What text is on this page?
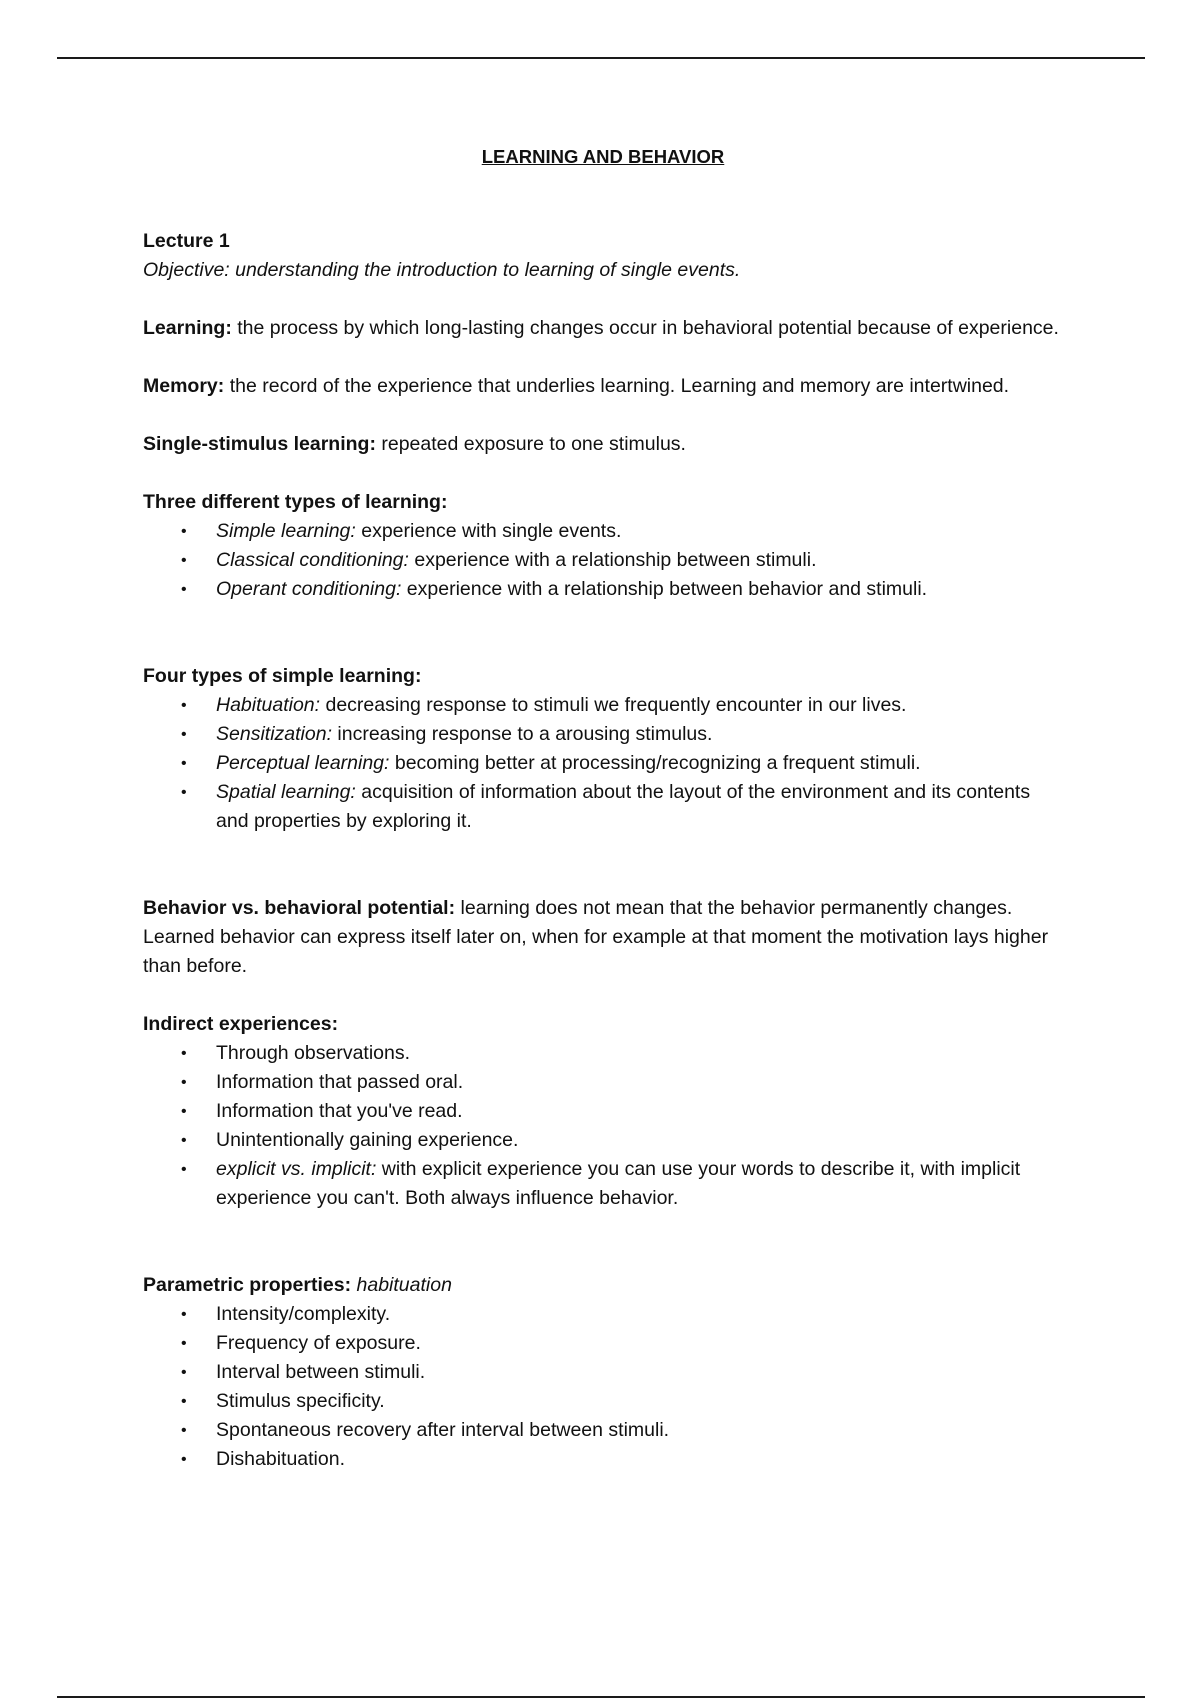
LEARNING AND BEHAVIOR

Lecture 1

Objective: understanding the introduction to learning of single events.

Learning: the process by which long-lasting changes occur in behavioral potential because of experience.

Memory: the record of the experience that underlies learning. Learning and memory are intertwined.

Single-stimulus learning: repeated exposure to one stimulus.

Three different types of learning:

• Simple learning: experience with single events.
• Classical conditioning: experience with a relationship between stimuli.
• Operant conditioning: experience with a relationship between behavior and stimuli.

Four types of simple learning:

• Habituation: decreasing response to stimuli we frequently encounter in our lives.
• Sensitization: increasing response to a arousing stimulus.
• Perceptual learning: becoming better at processing/recognizing a frequent stimuli.
• Spatial learning: acquisition of information about the layout of the environment and its contents and properties by exploring it.

Behavior vs. behavioral potential: learning does not mean that the behavior permanently changes. Learned behavior can express itself later on, when for example at that moment the motivation lays higher than before.

Indirect experiences:

• Through observations.
• Information that passed oral.
• Information that you've read.
• Unintentionally gaining experience.
• explicit vs. implicit: with explicit experience you can use your words to describe it, with implicit experience you can't. Both always influence behavior.

Parametric properties: habituation

• Intensity/complexity.
• Frequency of exposure.
• Interval between stimuli.
• Stimulus specificity.
• Spontaneous recovery after interval between stimuli.
• Dishabituation.
